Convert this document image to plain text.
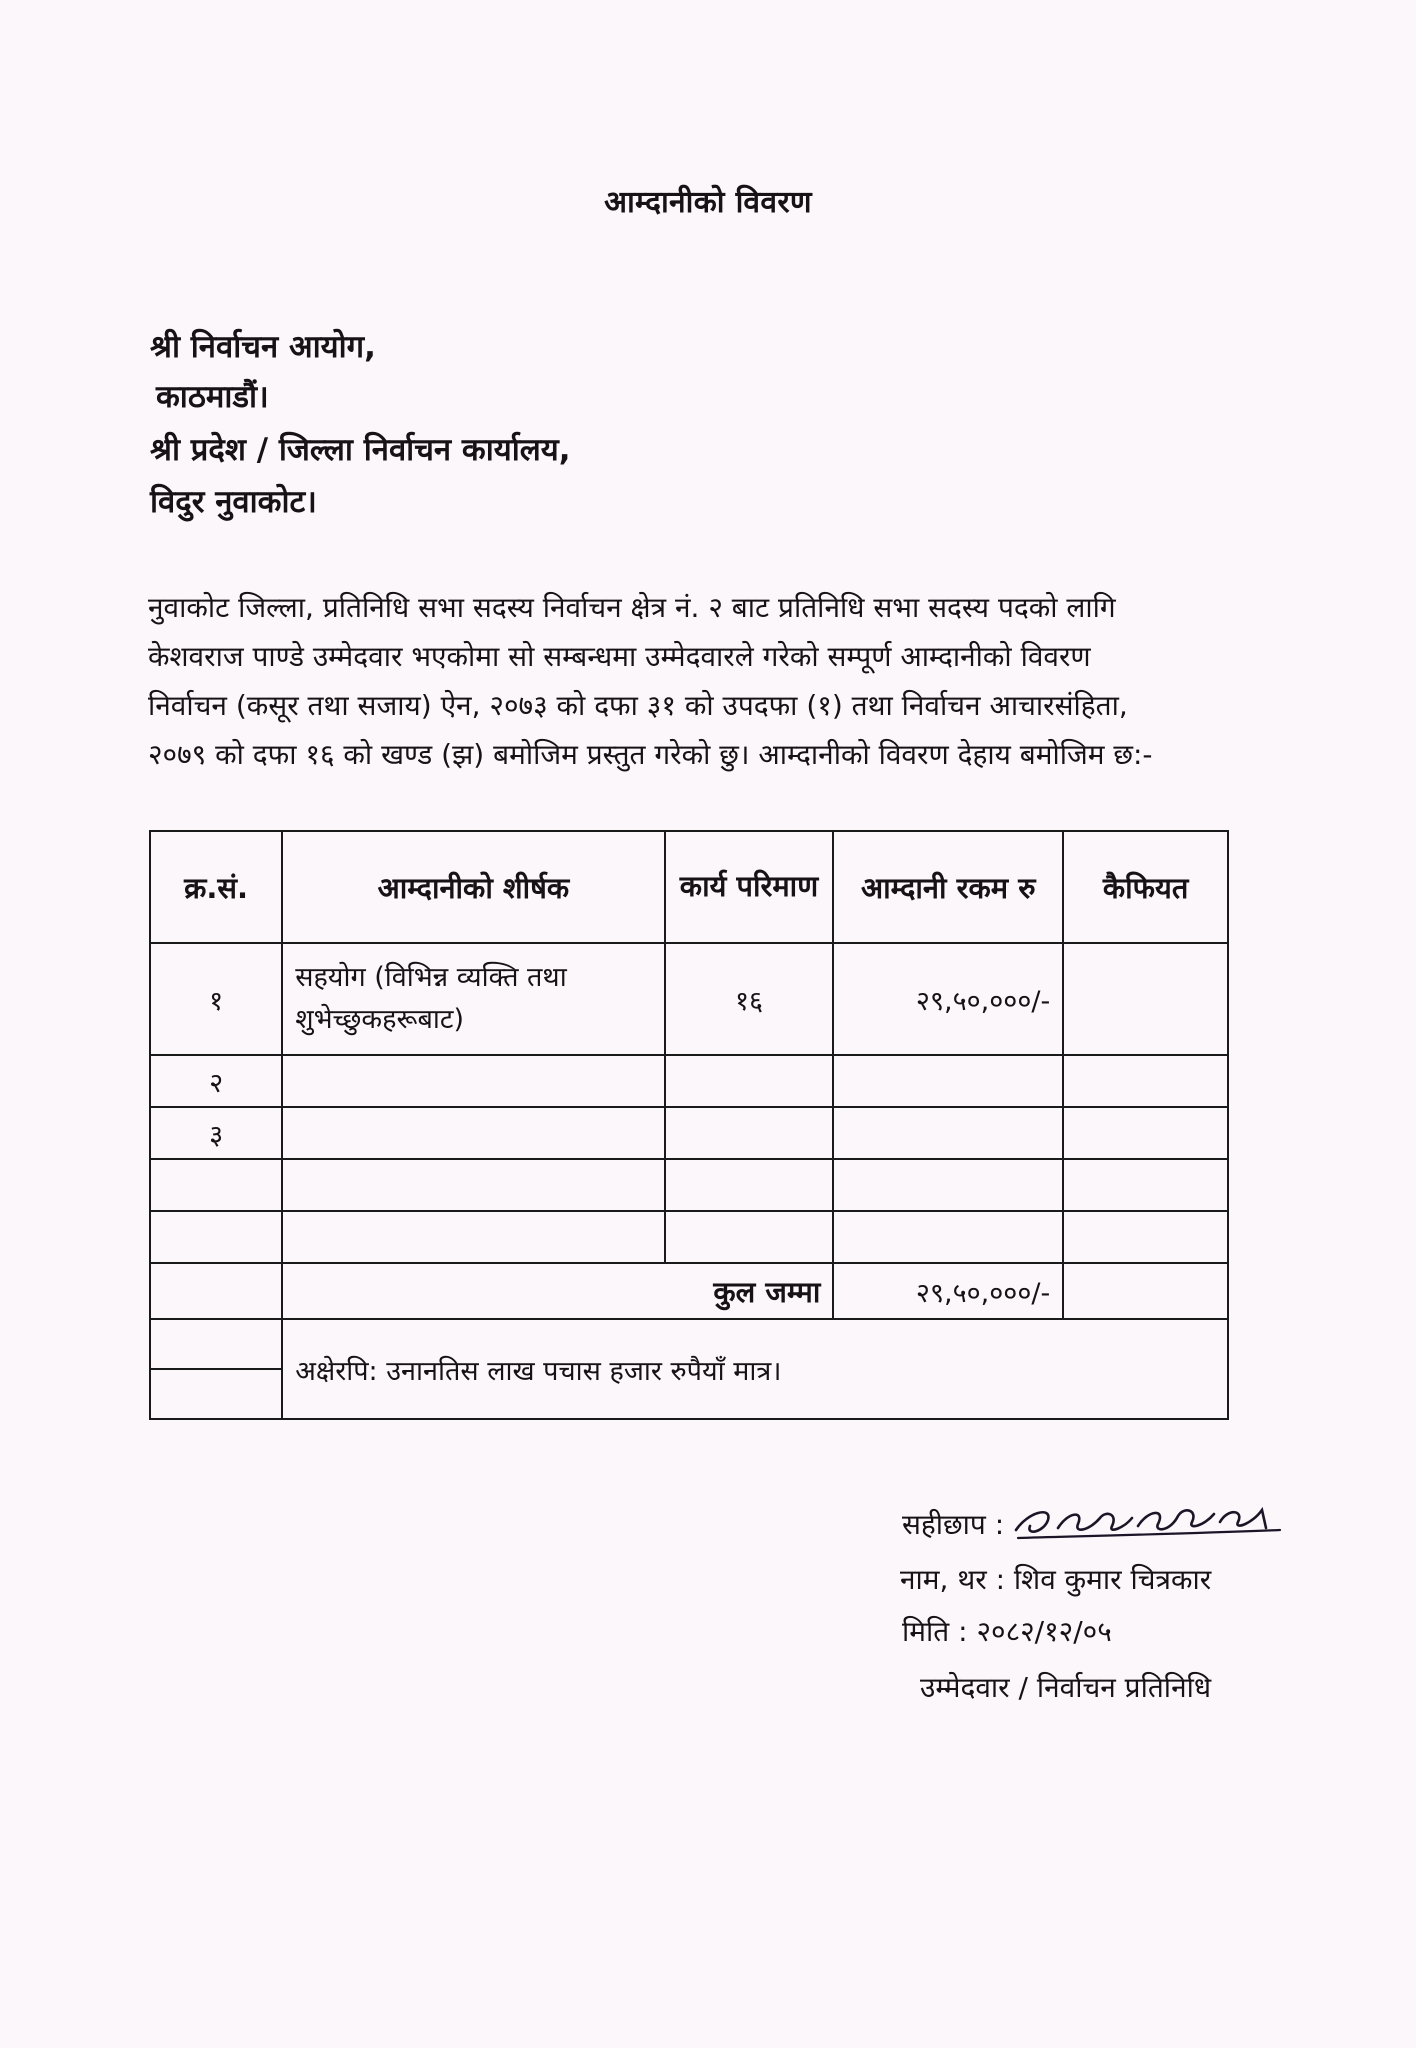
आम्दानीको विवरण
श्री निर्वाचन आयोग,
काठमाडौं।
श्री प्रदेश / जिल्ला निर्वाचन कार्यालय,
विदुर नुवाकोट।
नुवाकोट जिल्ला, प्रतिनिधि सभा सदस्य निर्वाचन क्षेत्र नं. २ बाट प्रतिनिधि सभा सदस्य पदको लागि
केशवराज पाण्डे उम्मेदवार भएकोमा सो सम्बन्धमा उम्मेदवारले गरेको सम्पूर्ण आम्दानीको विवरण
निर्वाचन (कसूर तथा सजाय) ऐन, २०७३ को दफा ३१ को उपदफा (१) तथा निर्वाचन आचारसंहिता,
२०७९ को दफा १६ को खण्ड (झ) बमोजिम प्रस्तुत गरेको छु। आम्दानीको विवरण देहाय बमोजिम छ:-
क्र.सं.	आम्दानीको शीर्षक	कार्य परिमाण	आम्दानी रकम रु	कैफियत
१	सहयोग (विभिन्न व्यक्ति तथा शुभेच्छुकहरूबाट)	१६	२९,५०,०००/-	
२				
३				

	कुल जम्मा		२९,५०,०००/-	
	अक्षेरपि: उनानतिस लाख पचास हजार रुपैयाँ मात्र।			

सहीछाप :
नाम, थर : शिव कुमार चित्रकार
मिति : २०८२/१२/०५
उम्मेदवार / निर्वाचन प्रतिनिधि
